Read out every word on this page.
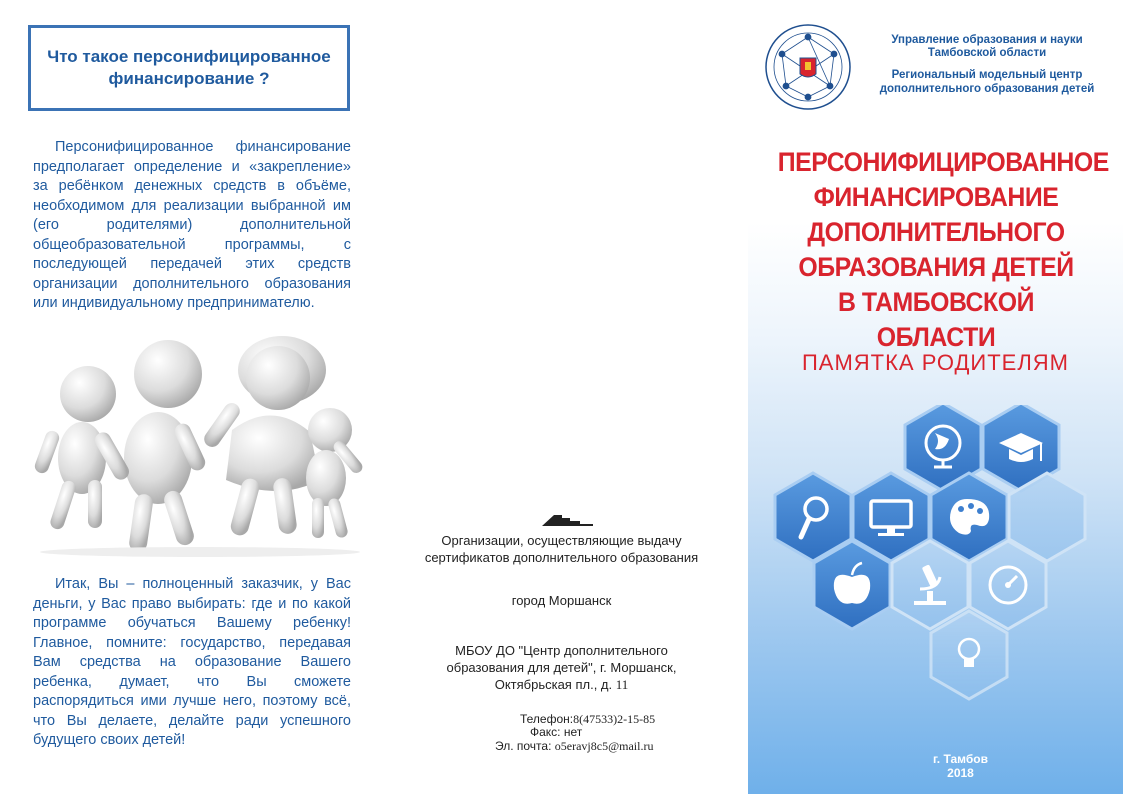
Что такое персонифицированное финансирование ?

Персонифицированное финансирование предполагает определение и «закрепление» за ребёнком денежных средств в объёме, необходимом для реализации выбранной им (его родителями) дополнительной общеобразовательной программы, с последующей передачей этих средств организации дополнительного образования или индивидуальному предпринимателю.

Итак, Вы – полноценный заказчик, у Вас деньги, у Вас право выбирать: где и по какой программе обучаться Вашему ребенку! Главное, помните: государство, передавая Вам средства на образование Вашего ребенка, думает, что Вы сможете распорядиться ими лучше него, поэтому всё, что Вы делаете, делайте ради успешного будущего своих детей!

Организации, осуществляющие выдачу
сертификатов дополнительного образования
город Моршанск
МБОУ ДО "Центр дополнительного
образования для детей", г. Моршанск,
Октябрьская пл., д. 11
Телефон:8(47533)2-15-85
Факс: нет
Эл. почта: o5eravj8c5@mail.ru
Управление образования и науки
Тамбовской области
Региональный модельный центр
дополнительного образования детей
ПЕРСОНИФИЦИРОВАННОЕ
ФИНАНСИРОВАНИЕ
ДОПОЛНИТЕЛЬНОГО
ОБРАЗОВАНИЯ ДЕТЕЙ
В ТАМБОВСКОЙ ОБЛАСТИ
ПАМЯТКА РОДИТЕЛЯМ
г. Тамбов
2018
